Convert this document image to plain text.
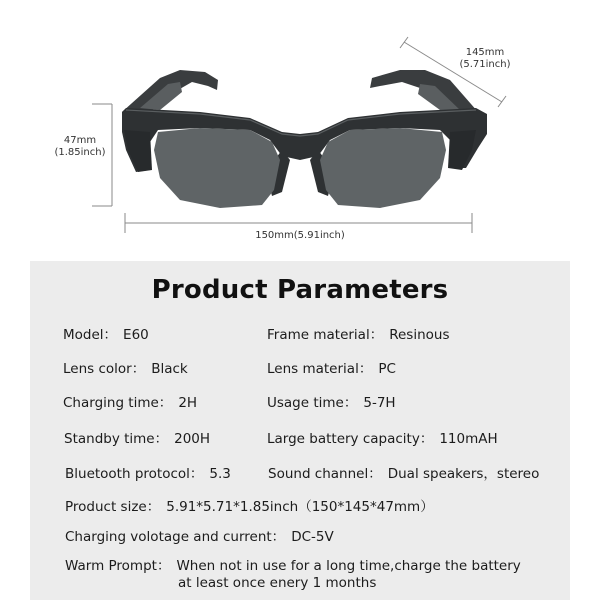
47mm
(1.85inch)
145mm
(5.71inch)
150mm(5.91inch)
Product Parameters
Model： E60	Frame material： Resinous
Lens color： Black	Lens material： PC
Charging time： 2H	Usage time： 5-7H
Standby time： 200H	Large battery capacity： 110mAH
Bluetooth protocol： 5.3	Sound channel： Dual speakers，stereo
Product size： 5.91*5.71*1.85inch（150*145*47mm）
Charging volotage and current： DC-5V
Warm Prompt： When not in use for a long time,charge the battery
at least once enery 1 months
